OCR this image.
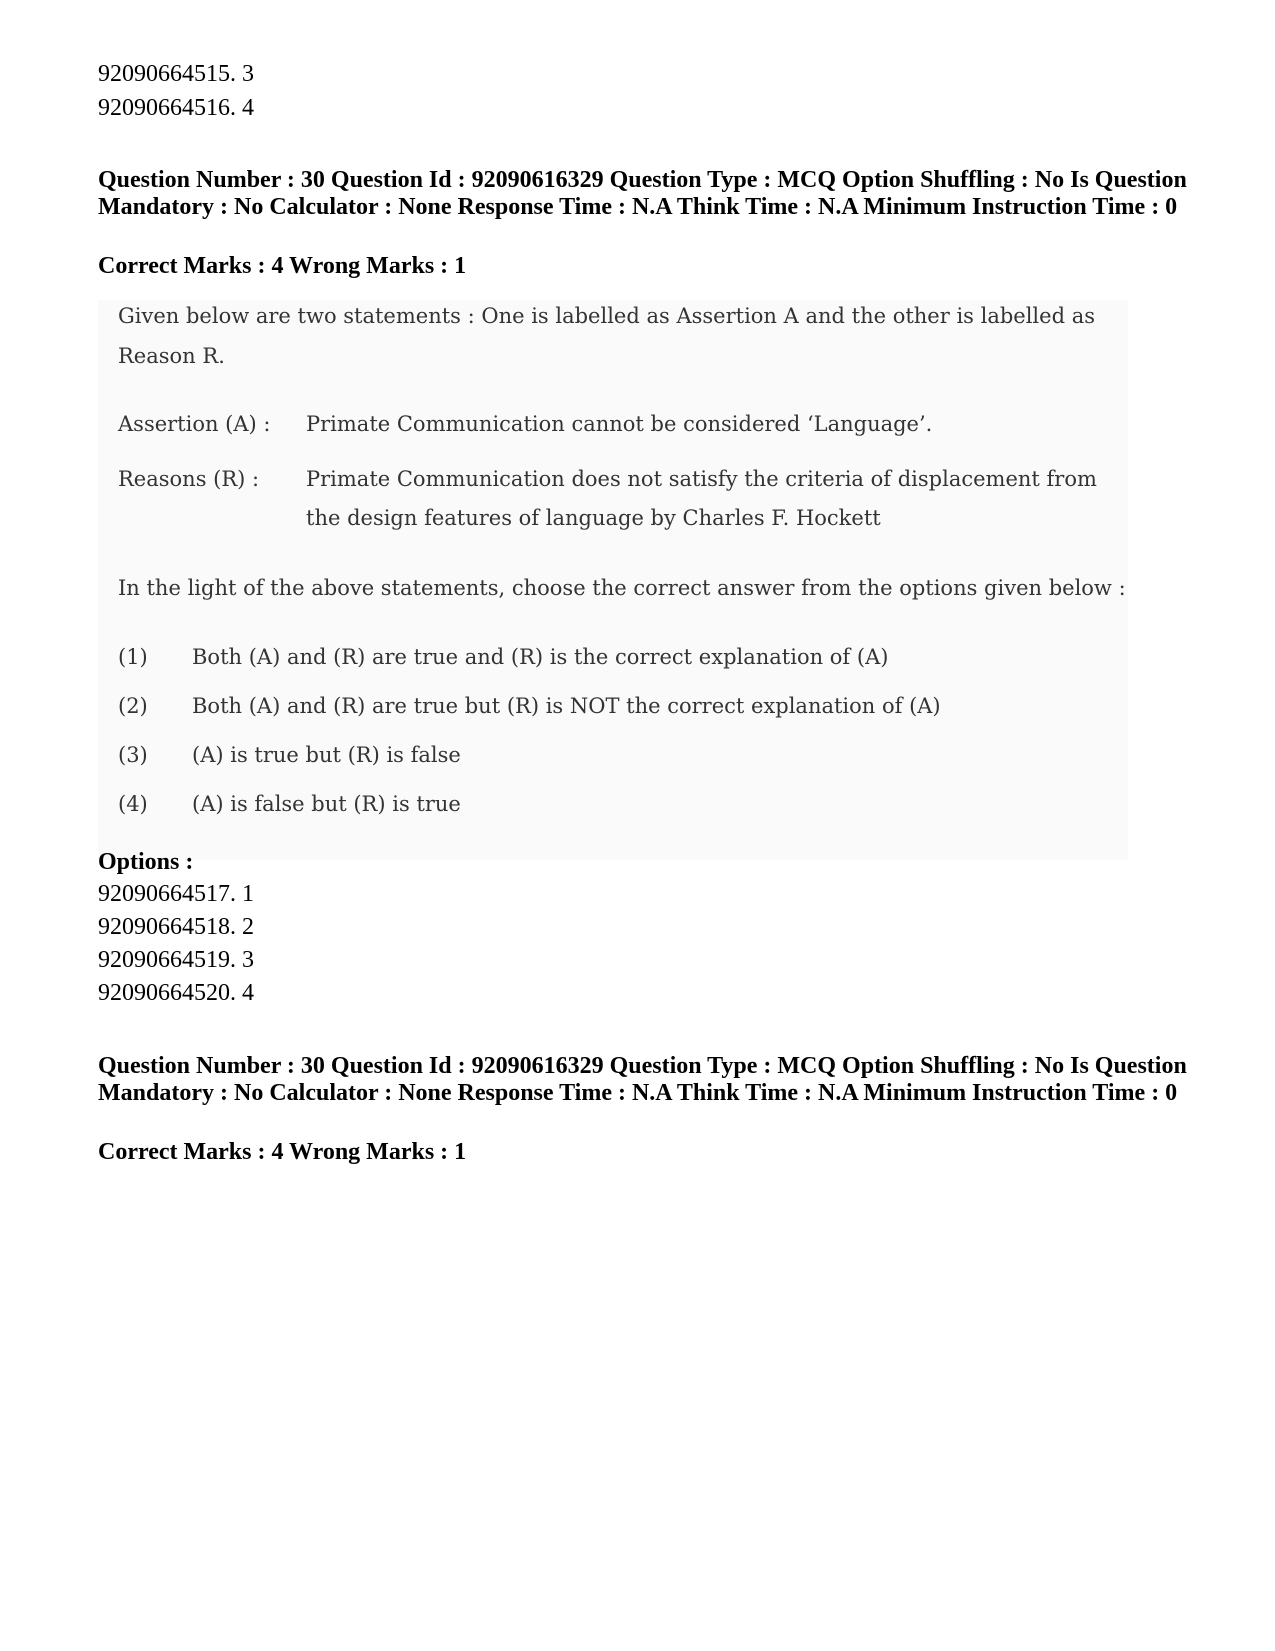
92090664515. 3
92090664516. 4
Question Number : 30 Question Id : 92090616329 Question Type : MCQ Option Shuffling : No Is Question Mandatory : No Calculator : None Response Time : N.A Think Time : N.A Minimum Instruction Time : 0
Correct Marks : 4 Wrong Marks : 1
Given below are two statements : One is labelled as Assertion A and the other is labelled as
Reason R.
Assertion (A) : Primate Communication cannot be considered ‘Language’.
Reasons (R) : Primate Communication does not satisfy the criteria of displacement from
the design features of language by Charles F. Hockett
In the light of the above statements, choose the correct answer from the options given below :
(1) Both (A) and (R) are true and (R) is the correct explanation of (A)
(2) Both (A) and (R) are true but (R) is NOT the correct explanation of (A)
(3) (A) is true but (R) is false
(4) (A) is false but (R) is true
Options :
92090664517. 1
92090664518. 2
92090664519. 3
92090664520. 4
Question Number : 30 Question Id : 92090616329 Question Type : MCQ Option Shuffling : No Is Question Mandatory : No Calculator : None Response Time : N.A Think Time : N.A Minimum Instruction Time : 0
Correct Marks : 4 Wrong Marks : 1
